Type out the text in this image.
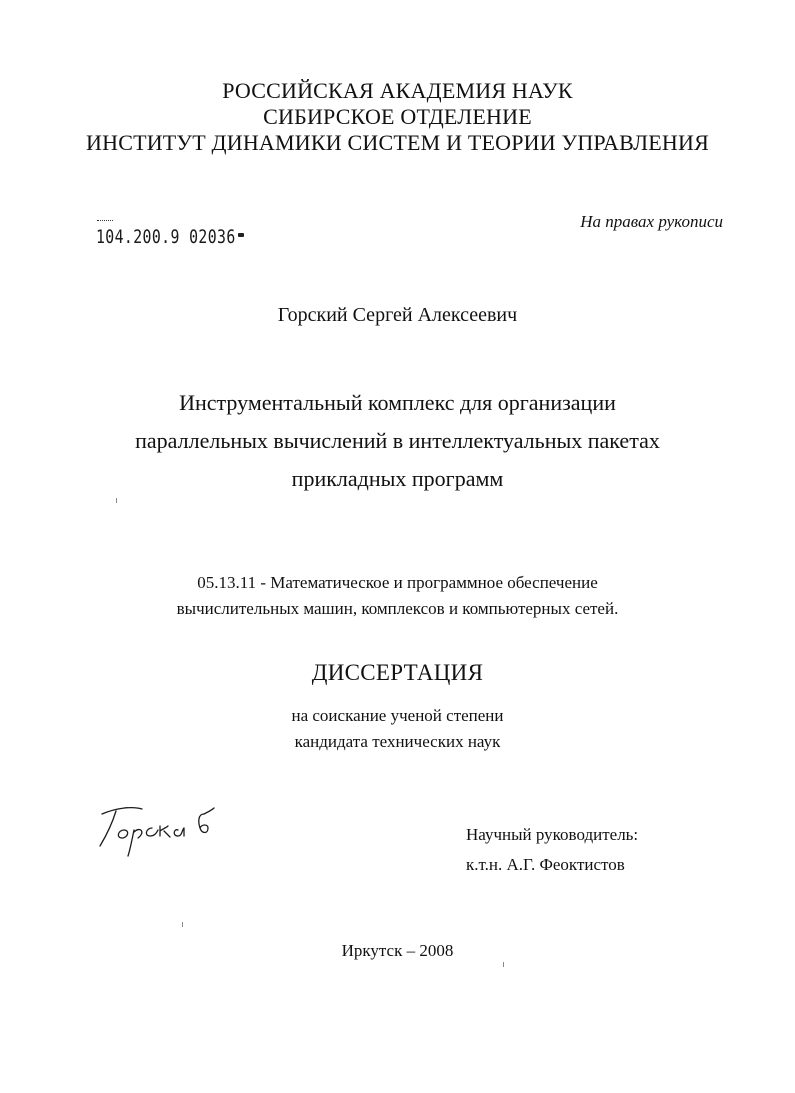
РОССИЙСКАЯ АКАДЕМИЯ НАУК
СИБИРСКОЕ ОТДЕЛЕНИЕ
ИНСТИТУТ ДИНАМИКИ СИСТЕМ И ТЕОРИИ УПРАВЛЕНИЯ
На правах рукописи
104.200.9 02036
Горский Сергей Алексеевич
Инструментальный комплекс для организации
параллельных вычислений в интеллектуальных пакетах
прикладных программ
05.13.11 - Математическое и программное обеспечение
вычислительных машин, комплексов и компьютерных сетей.
ДИССЕРТАЦИЯ
на соискание ученой степени
кандидата технических наук
Научный руководитель:
к.т.н. А.Г. Феоктистов
Иркутск – 2008
